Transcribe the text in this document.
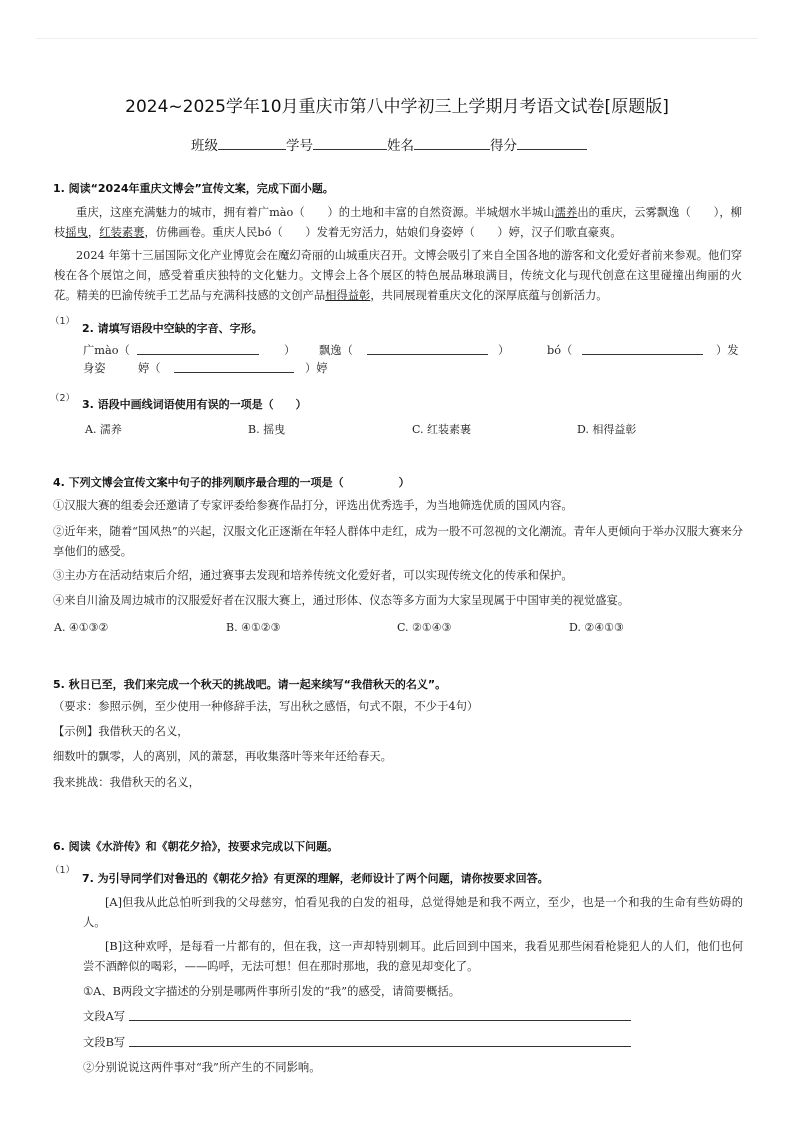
2024~2025学年10月重庆市第八中学初三上学期月考语文试卷[原题版]
班级	学号	姓名	得分
1. 阅读“2024年重庆文博会”宣传文案，完成下面小题。
重庆，这座充满魅力的城市，拥有着广mào（　　）的土地和丰富的自然资源。半城烟水半城山濡养出的重庆，云雾飘逸（　　），柳枝摇曳，红装素裹，仿佛画卷。重庆人民bó（　　）发着无穷活力，姑娘们身姿婷（　　）婷，汉子们歌直豪爽。
2024 年第十三届国际文化产业博览会在魔幻奇丽的山城重庆召开。文博会吸引了来自全国各地的游客和文化爱好者前来参观。他们穿梭在各个展馆之间，感受着重庆独特的文化魅力。文博会上各个展区的特色展品琳琅满目，传统文化与现代创意在这里碰撞出绚丽的火花。精美的巴渝传统手工艺品与充满科技感的文创产品相得益彰，共同展现着重庆文化的深厚底蕴与创新活力。
（1）
2. 请填写语段中空缺的字音、字形。
广mào（	） 飘逸（	）	bó（	）发
身姿	婷（	）婷
（2） 3. 语段中画线词语使用有误的一项是（　　）
A. 濡养	B. 摇曳	C. 红装素裹	D. 相得益彰
4. 下列文博会宣传文案中句子的排列顺序最合理的一项是（　　　　　）
①汉服大赛的组委会还邀请了专家评委给参赛作品打分，评选出优秀选手，为当地筛选优质的国风内容。
②近年来，随着“国风热”的兴起，汉服文化正逐渐在年轻人群体中走红，成为一股不可忽视的文化潮流。青年人更倾向于举办汉服大赛来分享他们的感受。
③主办方在活动结束后介绍，通过赛事去发现和培养传统文化爱好者，可以实现传统文化的传承和保护。
④来自川渝及周边城市的汉服爱好者在汉服大赛上，通过形体、仪态等多方面为大家呈现属于中国审美的视觉盛宴。
A. ④①③②	B. ④①②③	C. ②①④③	D. ②④①③
5. 秋日已至，我们来完成一个秋天的挑战吧。请一起来续写“我借秋天的名义”。
（要求：参照示例，至少使用一种修辞手法，写出秋之感悟，句式不限，不少于4句）
【示例】我借秋天的名义，
细数叶的飘零，人的离别，风的萧瑟，再收集落叶等来年还给春天。
我来挑战：我借秋天的名义，
6. 阅读《水浒传》和《朝花夕拾》，按要求完成以下问题。
（1）
7. 为引导同学们对鲁迅的《朝花夕拾》有更深的理解，老师设计了两个问题，请你按要求回答。
[A]但我从此总怕听到我的父母慈穷，怕看见我的白发的祖母，总觉得她是和我不两立，至少，也是一个和我的生命有些妨碍的人。
[B]这种欢呼，是每看一片都有的，但在我，这一声却特别刺耳。此后回到中国来，我看见那些闲看枪毙犯人的人们，他们也何尝不酒醉似的喝彩，——呜呼，无法可想！但在那时那地，我的意见却变化了。
①A、B两段文字描述的分别是哪两件事所引发的“我”的感受，请简要概括。
文段A写
文段B写
②分别说说这两件事对“我”所产生的不同影响。
